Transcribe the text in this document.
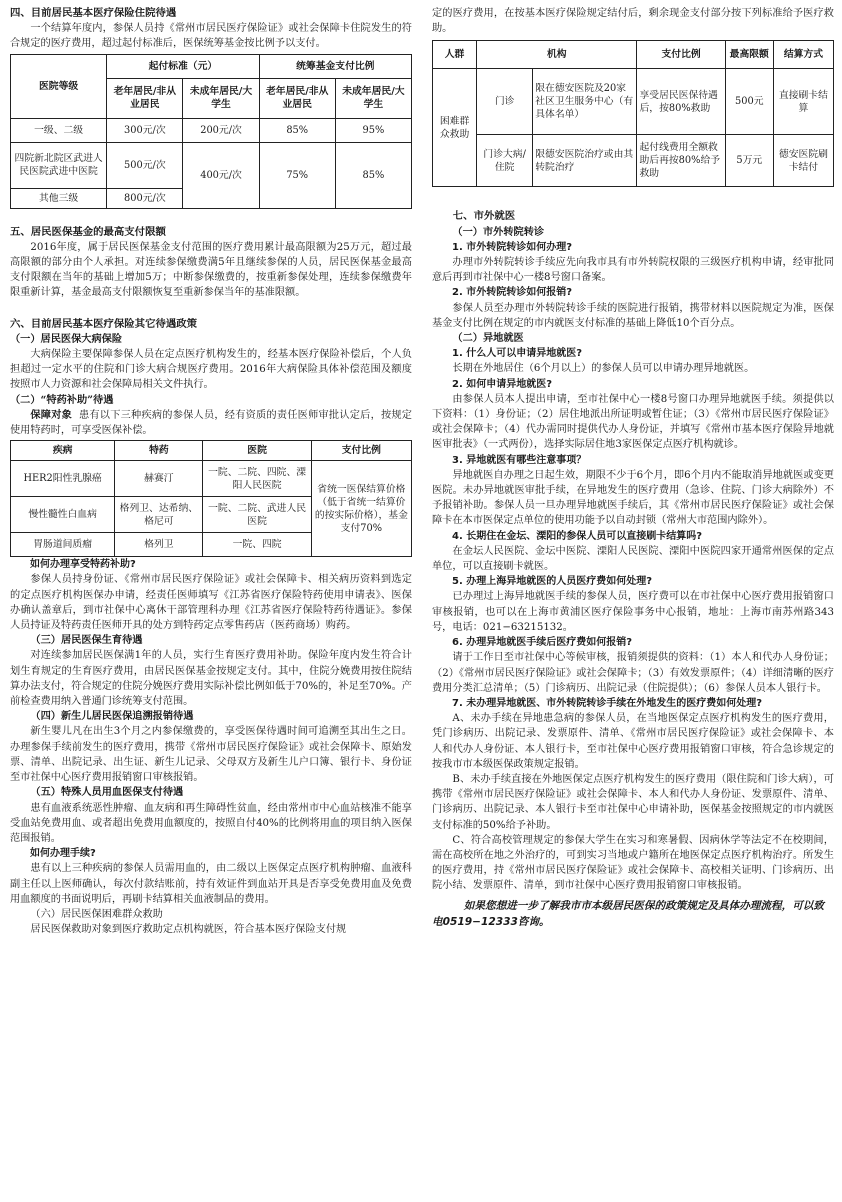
四、目前居民基本医疗保险住院待遇

一个结算年度内，参保人员持《常州市居民医疗保险证》或社会保障卡住院发生的符合规定的医疗费用，超过起付标准后，医保统筹基金按比例予以支付。

医院等级	起付标准（元）		统筹基金支付比例	
	老年居民/非从业居民	未成年居民/大学生	老年居民/非从业居民	未成年居民/大学生
一级、二级	300元/次	200元/次	85%	95%
四院新北院区武进人民医院武进中医院	500元/次	400元/次	75%	85%
其他三级	800元/次			
五、居民医保基金的最高支付限额

2016年度，属于居民医保基金支付范围的医疗费用累计最高限额为25万元，超过最高限额的部分由个人承担。对连续参保缴费满5年且继续参保的人员，居民医保基金最高支付限额在当年的基础上增加5万；中断参保缴费的，按重新参保处理，连续参保缴费年限重新计算，基金最高支付限额恢复至重新参保当年的基准限额。

六、目前居民基本医疗保险其它待遇政策
（一）居民医保大病保险

大病保险主要保障参保人员在定点医疗机构发生的，经基本医疗保险补偿后，个人负担超过一定水平的住院和门诊大病合规医疗费用。2016年大病保险具体补偿范围及额度按照市人力资源和社会保障局相关文件执行。

（二）“特药补助”待遇

保障对象 患有以下三种疾病的参保人员，经有资质的责任医师审批认定后，按规定使用特药时，可享受医保补偿。

疾病	特药	医院	支付比例
HER2阳性乳腺癌	赫赛汀	一院、二院、四院、溧阳人民医院	省统一医保结算价格（低于省统一结算价的按实际价格），基金支付70%
慢性髓性白血病	格列卫、达希纳、格尼可	一院、二院、武进人民医院	
胃肠道间质瘤	格列卫	一院、四院	
如何办理享受特药补助?

参保人员持身份证、《常州市居民医疗保险证》或社会保障卡、相关病历资料到选定的定点医疗机构医保办申请，经责任医师填写《江苏省医疗保险特药使用申请表》、医保办确认盖章后，到市社保中心离休干部管理科办理《江苏省医疗保险特药待遇证》。参保人员持证及特药责任医师开具的处方到特药定点零售药店（医药商场）购药。

（三）居民医保生育待遇

对连续参加居民医保满1年的人员，实行生育医疗费用补助。保险年度内发生符合计划生育规定的生育医疗费用，由居民医保基金按规定支付。其中，住院分娩费用按住院结算办法支付，符合规定的住院分娩医疗费用实际补偿比例如低于70%的，补足至70%。产前检查费用纳入普通门诊统筹支付范围。

（四）新生儿居民医保追溯报销待遇

新生婴儿凡在出生3个月之内参保缴费的，享受医保待遇时间可追溯至其出生之日。办理参保手续前发生的医疗费用，携带《常州市居民医疗保险证》或社会保障卡、原始发票、清单、出院记录、出生证、新生儿记录、父母双方及新生儿户口簿、银行卡、身份证至市社保中心医疗费用报销窗口审核报销。

（五）特殊人员用血医保支付待遇

患有血液系统恶性肿瘤、血友病和再生障碍性贫血，经由常州市中心血站核准不能享受血站免费用血、或者超出免费用血额度的，按照自付40%的比例将用血的项目纳入医保范围报销。

如何办理手续?

患有以上三种疾病的参保人员需用血的，由二级以上医保定点医疗机构肿瘤、血液科副主任以上医师确认，每次付款结账前，持有效证件到血站开具是否享受免费用血及免费用血额度的书面说明后，再刷卡结算相关血液制品的费用。

（六）居民医保困难群众救助

居民医保救助对象到医疗救助定点机构就医，符合基本医疗保险支付规

定的医疗费用，在按基本医疗保险规定结付后，剩余现金支付部分按下列标准给予医疗救助。

人群	机构		支付比例	最高限额	结算方式
困难群众救助	门诊	限在德安医院及20家社区卫生服务中心（有具体名单）	享受居民医保待遇后，按80%救助	500元	直接刷卡结算
	门诊大病/住院	限德安医院治疗或由其转院治疗	起付线费用全额救助后再按80%给予救助	5万元	德安医院刷卡结付
七、市外就医
（一）市外转院转诊
1. 市外转院转诊如何办理?

办理市外转院转诊手续应先向我市具有市外转院权限的三级医疗机构申请，经审批同意后再到市社保中心一楼8号窗口备案。

2. 市外转院转诊如何报销?

参保人员至办理市外转院转诊手续的医院进行报销，携带材料以医院规定为准，医保基金支付比例在规定的市内就医支付标准的基础上降低10个百分点。

（二）异地就医
1. 什么人可以申请异地就医?

长期在外地居住（6个月以上）的参保人员可以申请办理异地就医。

2. 如何申请异地就医?

由参保人员本人提出申请，至市社保中心一楼8号窗口办理异地就医手续。须提供以下资料：（1）身份证；（2）居住地派出所证明或暂住证；（3）《常州市居民医疗保险证》或社会保障卡；（4）代办需同时提供代办人身份证，并填写《常州市基本医疗保险异地就医审批表》（一式两份），选择实际居住地3家医保定点医疗机构就诊。

3. 异地就医有哪些注意事项？

异地就医自办理之日起生效，期限不少于6个月，即6个月内不能取消异地就医或变更医院。未办异地就医审批手续，在异地发生的医疗费用（急诊、住院、门诊大病除外）不予报销补助。参保人员一旦办理异地就医手续后，其《常州市居民医疗保险证》或社会保障卡在本市医保定点单位的使用功能予以自动封锁（常州大市范围内除外）。

4. 长期住在金坛、溧阳的参保人员可以直接刷卡结算吗?

在金坛人民医院、金坛中医院、溧阳人民医院、溧阳中医院四家开通常州医保的定点单位，可以直接刷卡就医。

5. 办理上海异地就医的人员医疗费如何处理?

已办理过上海异地就医手续的参保人员，医疗费可以在市社保中心医疗费用报销窗口审核报销，也可以在上海市黄浦区医疗保险事务中心报销，地址：上海市南苏州路343号，电话：021−63215132。

6. 办理异地就医手续后医疗费如何报销?

请于工作日至市社保中心等候审核，报销须提供的资料：（1）本人和代办人身份证；（2）《常州市居民医疗保险证》或社会保障卡；（3）有效发票原件；（4）详细清晰的医疗费用分类汇总清单；（5）门诊病历、出院记录（住院提供）；（6）参保人员本人银行卡。

7. 未办理异地就医、市外转院转诊手续在外地发生的医疗费如何处理?

A、未办手续在异地患急病的参保人员，在当地医保定点医疗机构发生的医疗费用，凭门诊病历、出院记录、发票原件、清单、《常州市居民医疗保险证》或社会保障卡、本人和代办人身份证、本人银行卡，至市社保中心医疗费用报销窗口审核，符合急诊规定的按我市市本级医保政策规定报销。

B、未办手续直接在外地医保定点医疗机构发生的医疗费用（限住院和门诊大病），可携带《常州市居民医疗保险证》或社会保障卡、本人和代办人身份证、发票原件、清单、门诊病历、出院记录、本人银行卡至市社保中心申请补助，医保基金按照规定的市内就医支付标准的50%给予补助。

C、符合高校管理规定的参保大学生在实习和寒暑假、因病休学等法定不在校期间，需在高校所在地之外治疗的，可到实习当地或户籍所在地医保定点医疗机构治疗。所发生的医疗费用，持《常州市居民医疗保险证》或社会保障卡、高校相关证明、门诊病历、出院小结、发票原件、清单，到市社保中心医疗费用报销窗口审核报销。

如果您想进一步了解我市市本级居民医保的政策规定及具体办理流程，可以致电0519−12333咨询。
